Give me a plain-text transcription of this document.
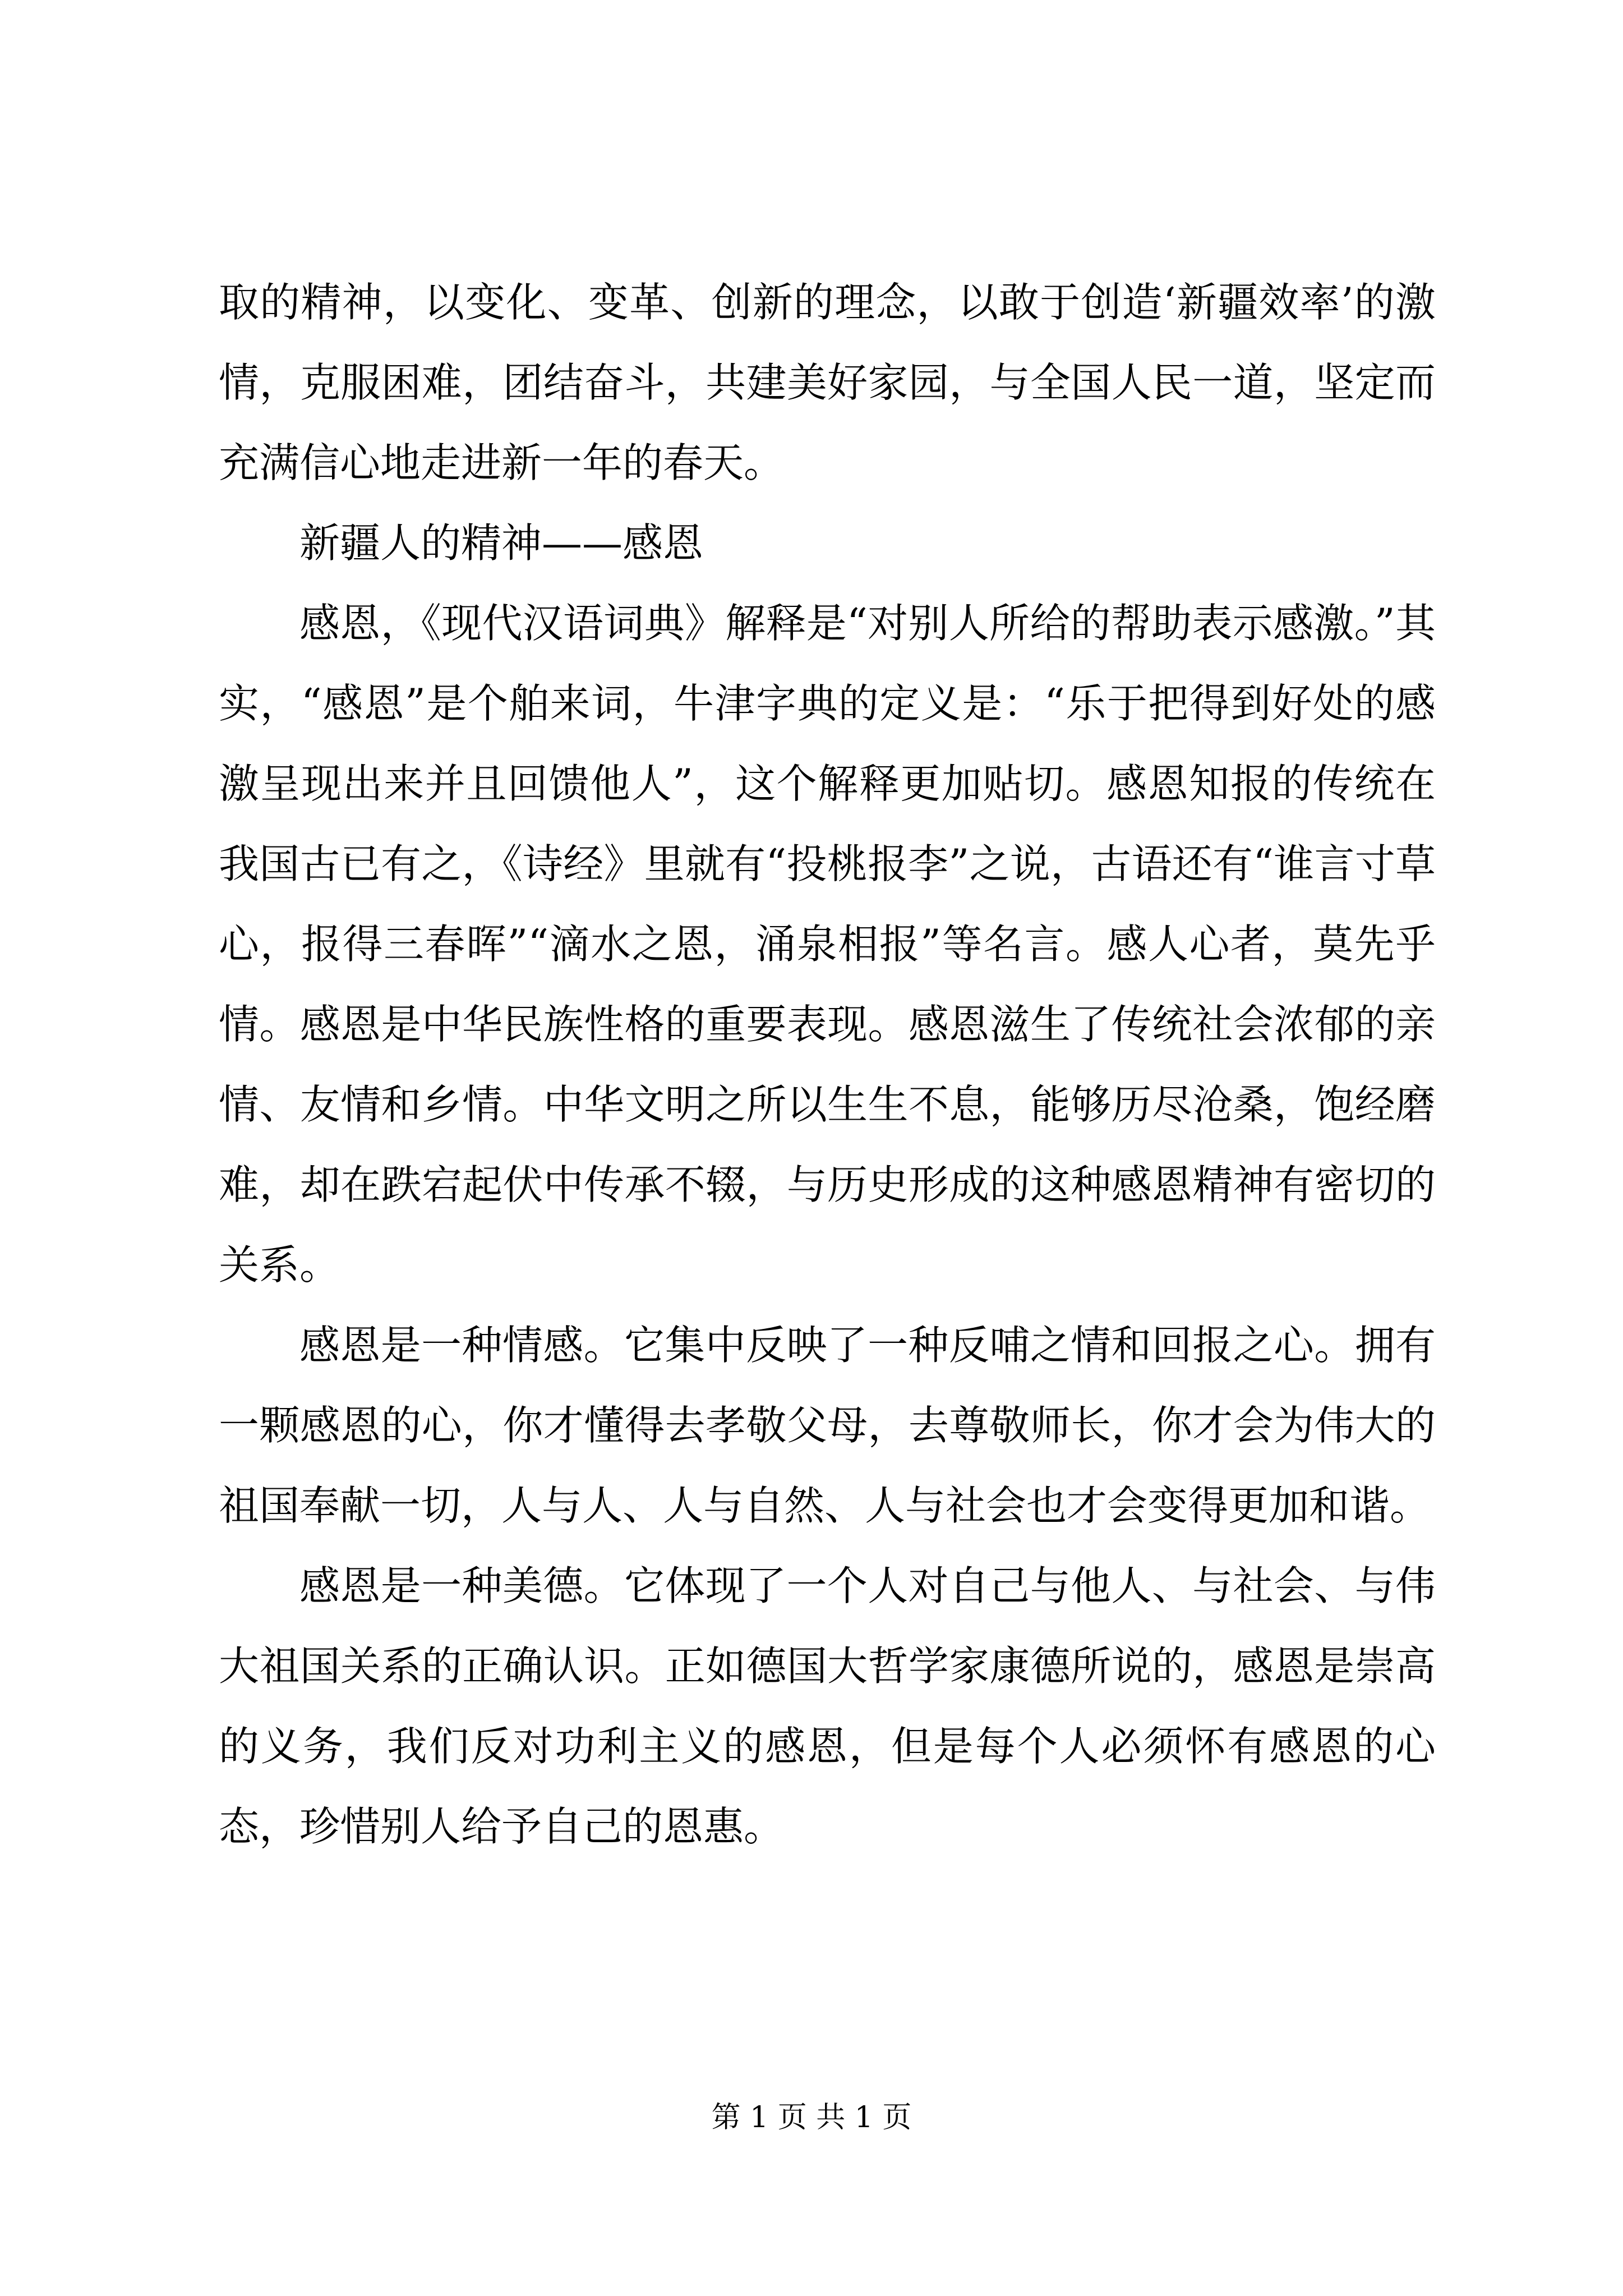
取的精神，以变化、变革、创新的理念，以敢于创造‘新疆效率’的激情，克服困难，团结奋斗，共建美好家园，与全国人民一道，坚定而充满信心地走进新一年的春天。

新疆人的精神——感恩

感恩，《现代汉语词典》解释是“对别人所给的帮助表示感激。”其实，“感恩”是个舶来词，牛津字典的定义是：“乐于把得到好处的感激呈现出来并且回馈他人”，这个解释更加贴切。感恩知报的传统在我国古已有之，《诗经》里就有“投桃报李”之说，古语还有“谁言寸草心，报得三春晖”“滴水之恩，涌泉相报”等名言。感人心者，莫先乎情。感恩是中华民族性格的重要表现。感恩滋生了传统社会浓郁的亲情、友情和乡情。中华文明之所以生生不息，能够历尽沧桑，饱经磨难，却在跌宕起伏中传承不辍，与历史形成的这种感恩精神有密切的关系。

感恩是一种情感。它集中反映了一种反哺之情和回报之心。拥有一颗感恩的心，你才懂得去孝敬父母，去尊敬师长，你才会为伟大的祖国奉献一切，人与人、人与自然、人与社会也才会变得更加和谐。

感恩是一种美德。它体现了一个人对自己与他人、与社会、与伟大祖国关系的正确认识。正如德国大哲学家康德所说的，感恩是崇高的义务，我们反对功利主义的感恩，但是每个人必须怀有感恩的心态，珍惜别人给予自己的恩惠。

第 1 页 共 1 页
